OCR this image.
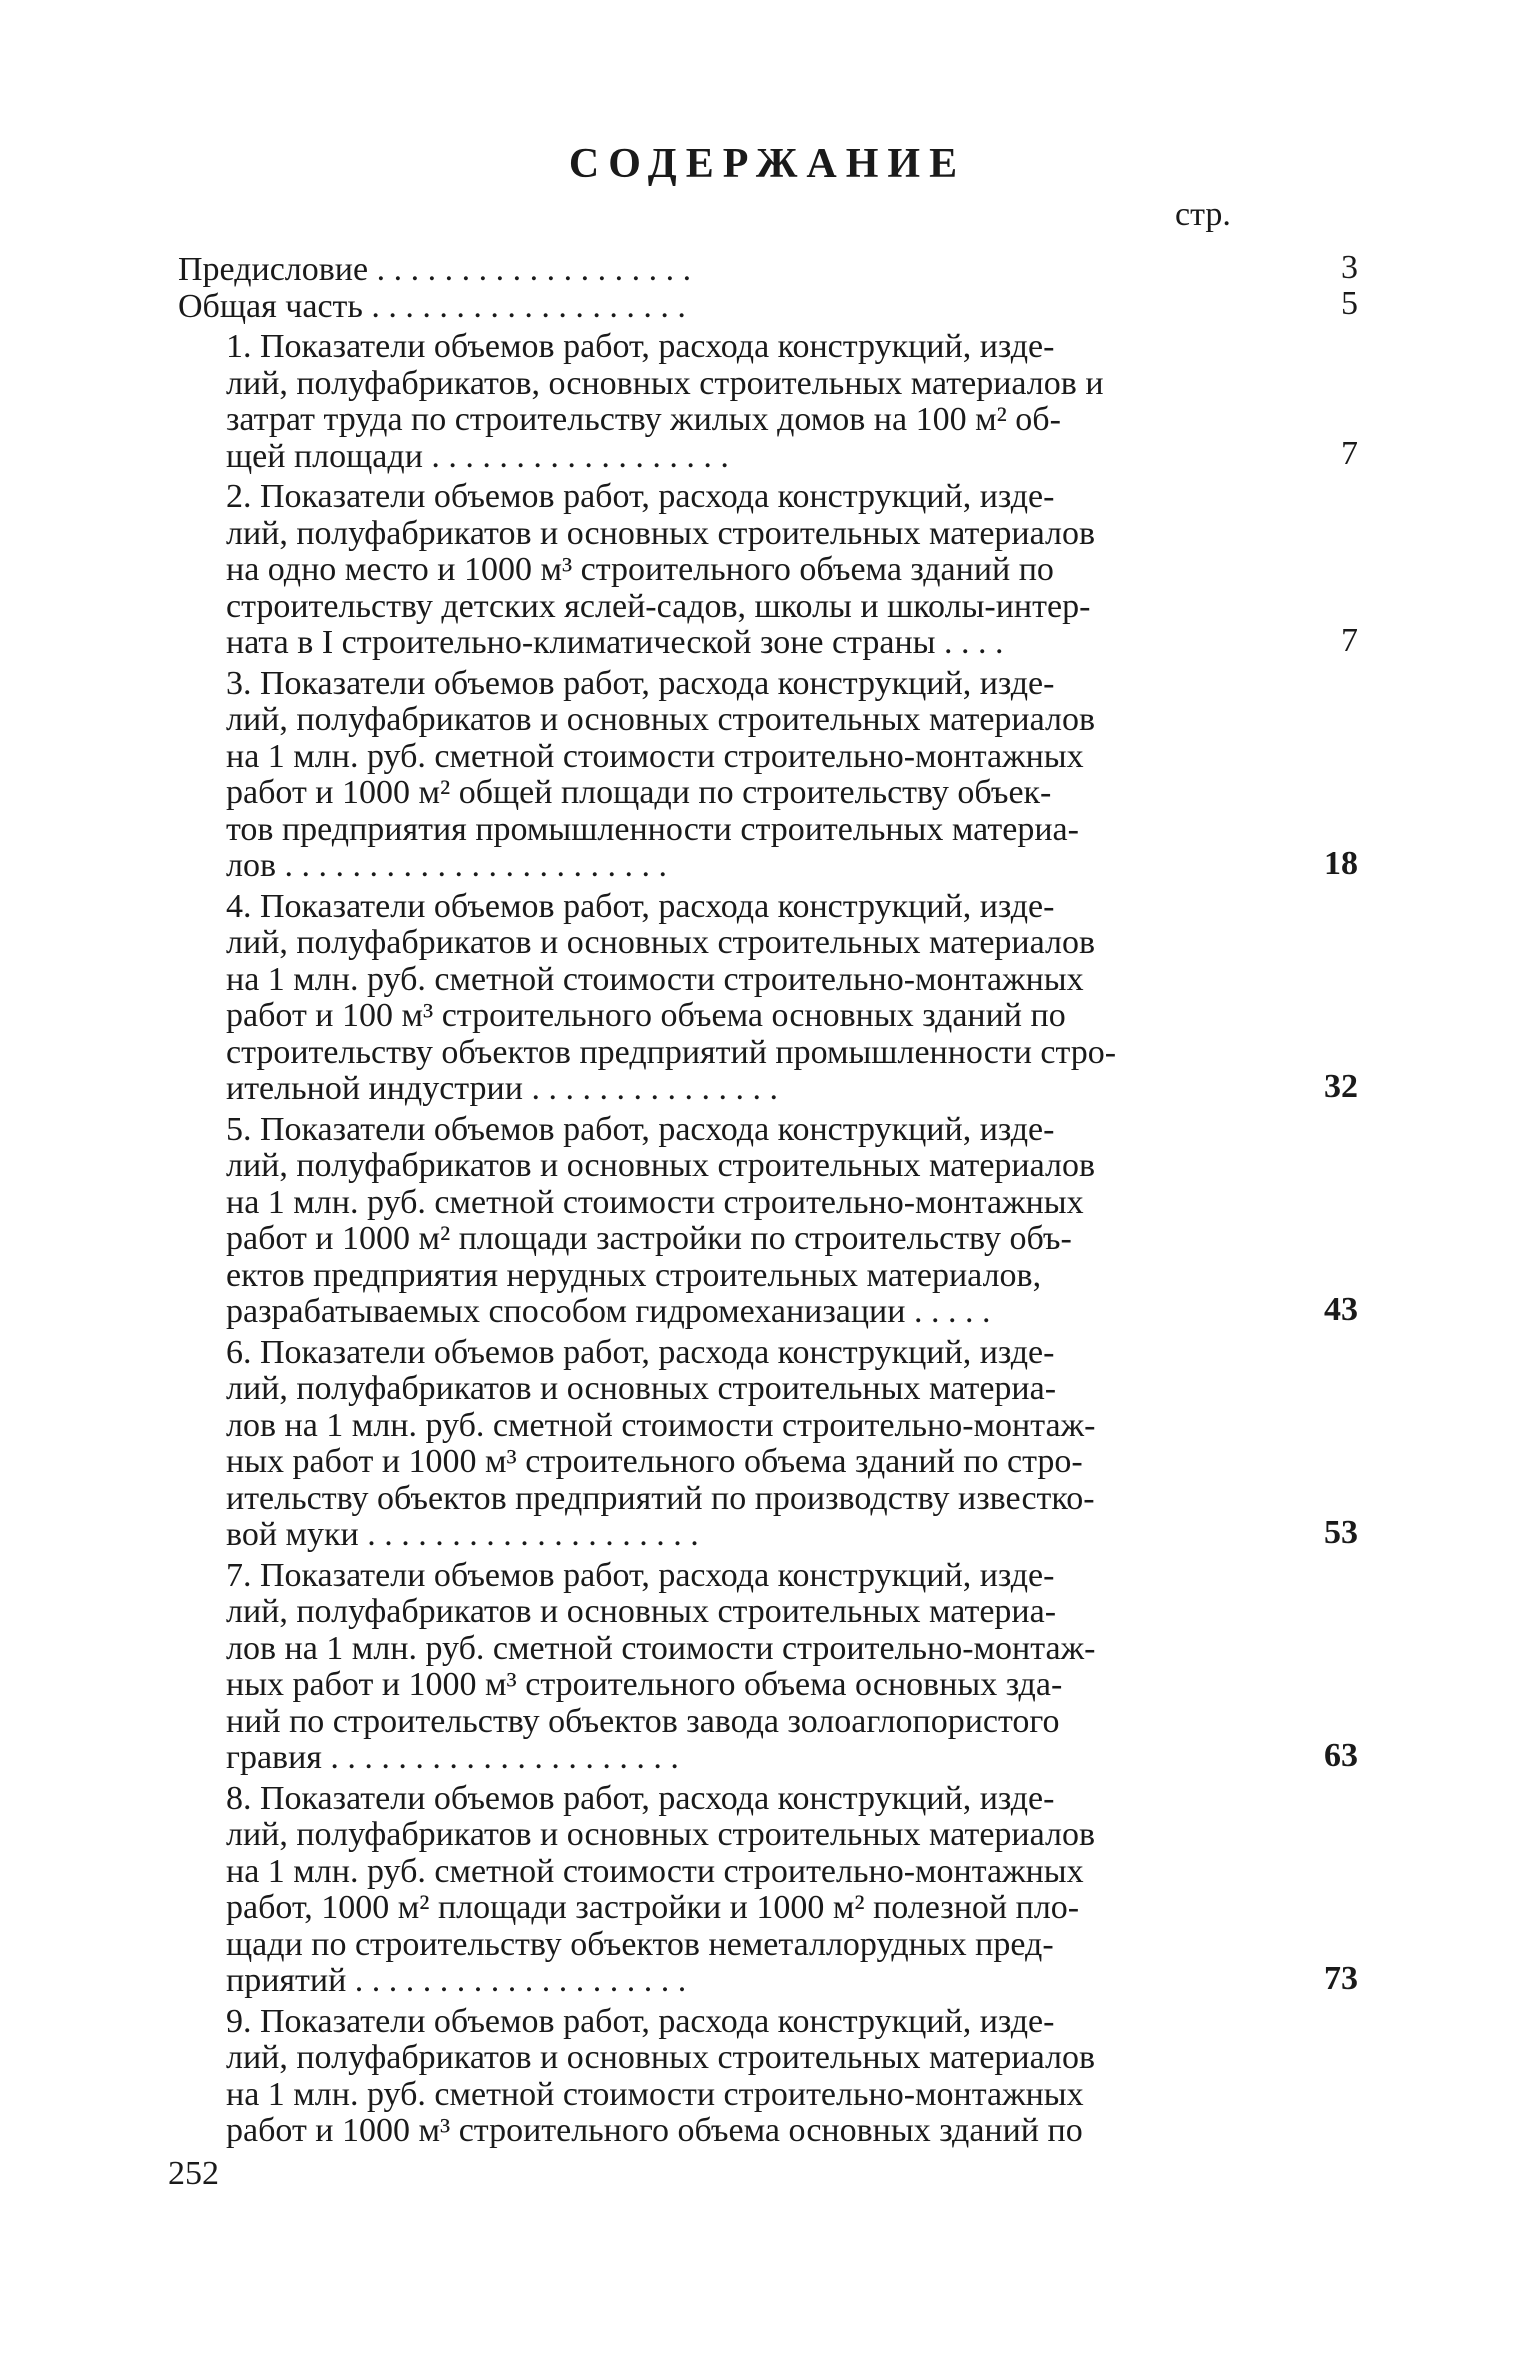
СОДЕРЖАНИЕ
стр.
Предисловие . . . . . . . . . . . . . . . . . . .	3
Общая часть . . . . . . . . . . . . . . . . . . .	5
1. Показатели объемов работ, расхода конструкций, изде-
лий, полуфабрикатов, основных строительных материалов и
затрат труда по строительству жилых домов на 100 м² об-
щей площади . . . . . . . . . . . . . . . . . .	7
2. Показатели объемов работ, расхода конструкций, изде-
лий, полуфабрикатов и основных строительных материалов
на одно место и 1000 м³ строительного объема зданий по
строительству детских яслей-садов, школы и школы-интер-
ната в I строительно-климатической зоне страны . . . .	7
3. Показатели объемов работ, расхода конструкций, изде-
лий, полуфабрикатов и основных строительных материалов
на 1 млн. руб. сметной стоимости строительно-монтажных
работ и 1000 м² общей площади по строительству объек-
тов предприятия промышленности строительных материа-
лов . . . . . . . . . . . . . . . . . . . . . . .	18
4. Показатели объемов работ, расхода конструкций, изде-
лий, полуфабрикатов и основных строительных материалов
на 1 млн. руб. сметной стоимости строительно-монтажных
работ и 100 м³ строительного объема основных зданий по
строительству объектов предприятий промышленности стро-
ительной индустрии . . . . . . . . . . . . . . .	32
5. Показатели объемов работ, расхода конструкций, изде-
лий, полуфабрикатов и основных строительных материалов
на 1 млн. руб. сметной стоимости строительно-монтажных
работ и 1000 м² площади застройки по строительству объ-
ектов предприятия нерудных строительных материалов,
разрабатываемых способом гидромеханизации . . . . .	43
6. Показатели объемов работ, расхода конструкций, изде-
лий, полуфабрикатов и основных строительных материа-
лов на 1 млн. руб. сметной стоимости строительно-монтаж-
ных работ и 1000 м³ строительного объема зданий по стро-
ительству объектов предприятий по производству известко-
вой муки . . . . . . . . . . . . . . . . . . . .	53
7. Показатели объемов работ, расхода конструкций, изде-
лий, полуфабрикатов и основных строительных материа-
лов на 1 млн. руб. сметной стоимости строительно-монтаж-
ных работ и 1000 м³ строительного объема основных зда-
ний по строительству объектов завода золоаглопористого
гравия . . . . . . . . . . . . . . . . . . . . .	63
8. Показатели объемов работ, расхода конструкций, изде-
лий, полуфабрикатов и основных строительных материалов
на 1 млн. руб. сметной стоимости строительно-монтажных
работ, 1000 м² площади застройки и 1000 м² полезной пло-
щади по строительству объектов неметаллорудных пред-
приятий . . . . . . . . . . . . . . . . . . . .	73
9. Показатели объемов работ, расхода конструкций, изде-
лий, полуфабрикатов и основных строительных материалов
на 1 млн. руб. сметной стоимости строительно-монтажных
работ и 1000 м³ строительного объема основных зданий по
252
